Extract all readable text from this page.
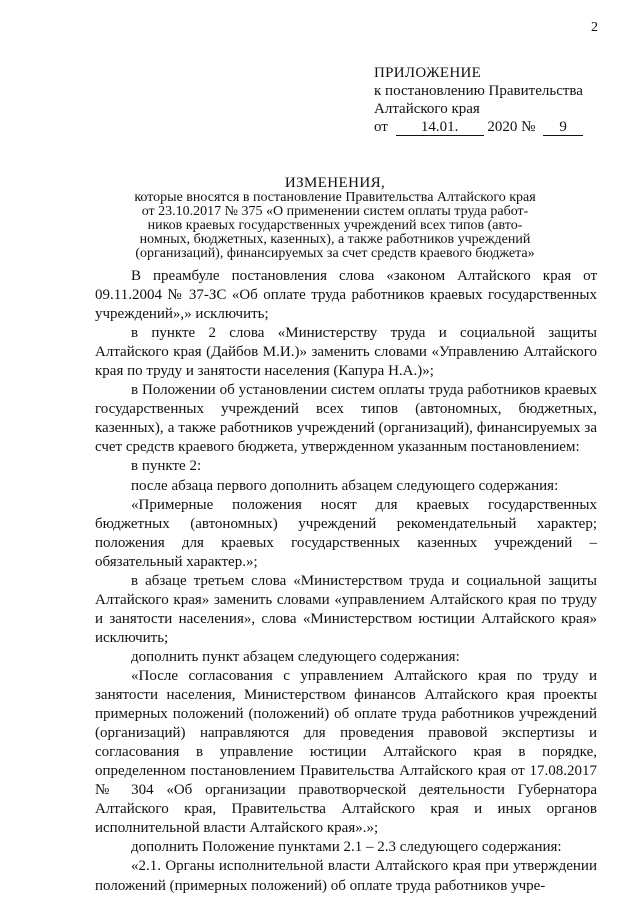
2
ПРИЛОЖЕНИЕ
к постановлению Правительства
Алтайского края
от 14.01. 2020 № 9
ИЗМЕНЕНИЯ,
которые вносятся в постановление Правительства Алтайского края
от 23.10.2017 № 375 «О применении систем оплаты труда работ-
ников краевых государственных учреждений всех типов (авто-
номных, бюджетных, казенных), а также работников учреждений
(организаций), финансируемых за счет средств краевого бюджета»

В преамбуле постановления слова «законом Алтайского края от 09.11.2004 № 37-ЗС «Об оплате труда работников краевых государственных учреждений»,» исключить;

в пункте 2 слова «Министерству труда и социальной защиты Алтайского края (Дайбов М.И.)» заменить словами «Управлению Алтайского края по труду и занятости населения (Капура Н.А.)»;

в Положении об установлении систем оплаты труда работников краевых государственных учреждений всех типов (автономных, бюджетных, казенных), а также работников учреждений (организаций), финансируемых за счет средств краевого бюджета, утвержденном указанным постановлением:

в пункте 2:

после абзаца первого дополнить абзацем следующего содержания:

«Примерные положения носят для краевых государственных бюджетных (автономных) учреждений рекомендательный характер; положения для краевых государственных казенных учреждений – обязательный характер.»;

в абзаце третьем слова «Министерством труда и социальной защиты Алтайского края» заменить словами «управлением Алтайского края по труду и занятости населения», слова «Министерством юстиции Алтайского края» исключить;

дополнить пункт абзацем следующего содержания:

«После согласования с управлением Алтайского края по труду и занятости населения, Министерством финансов Алтайского края проекты примерных положений (положений) об оплате труда работников учреждений (организаций) направляются для проведения правовой экспертизы и согласования в управление юстиции Алтайского края в порядке, определенном постановлением Правительства Алтайского края от 17.08.2017 № 304 «Об организации правотворческой деятельности Губернатора Алтайского края, Правительства Алтайского края и иных органов исполнительной власти Алтайского края».»;

дополнить Положение пунктами 2.1 – 2.3 следующего содержания:

«2.1. Органы исполнительной власти Алтайского края при утверждении положений (примерных положений) об оплате труда работников учре-
